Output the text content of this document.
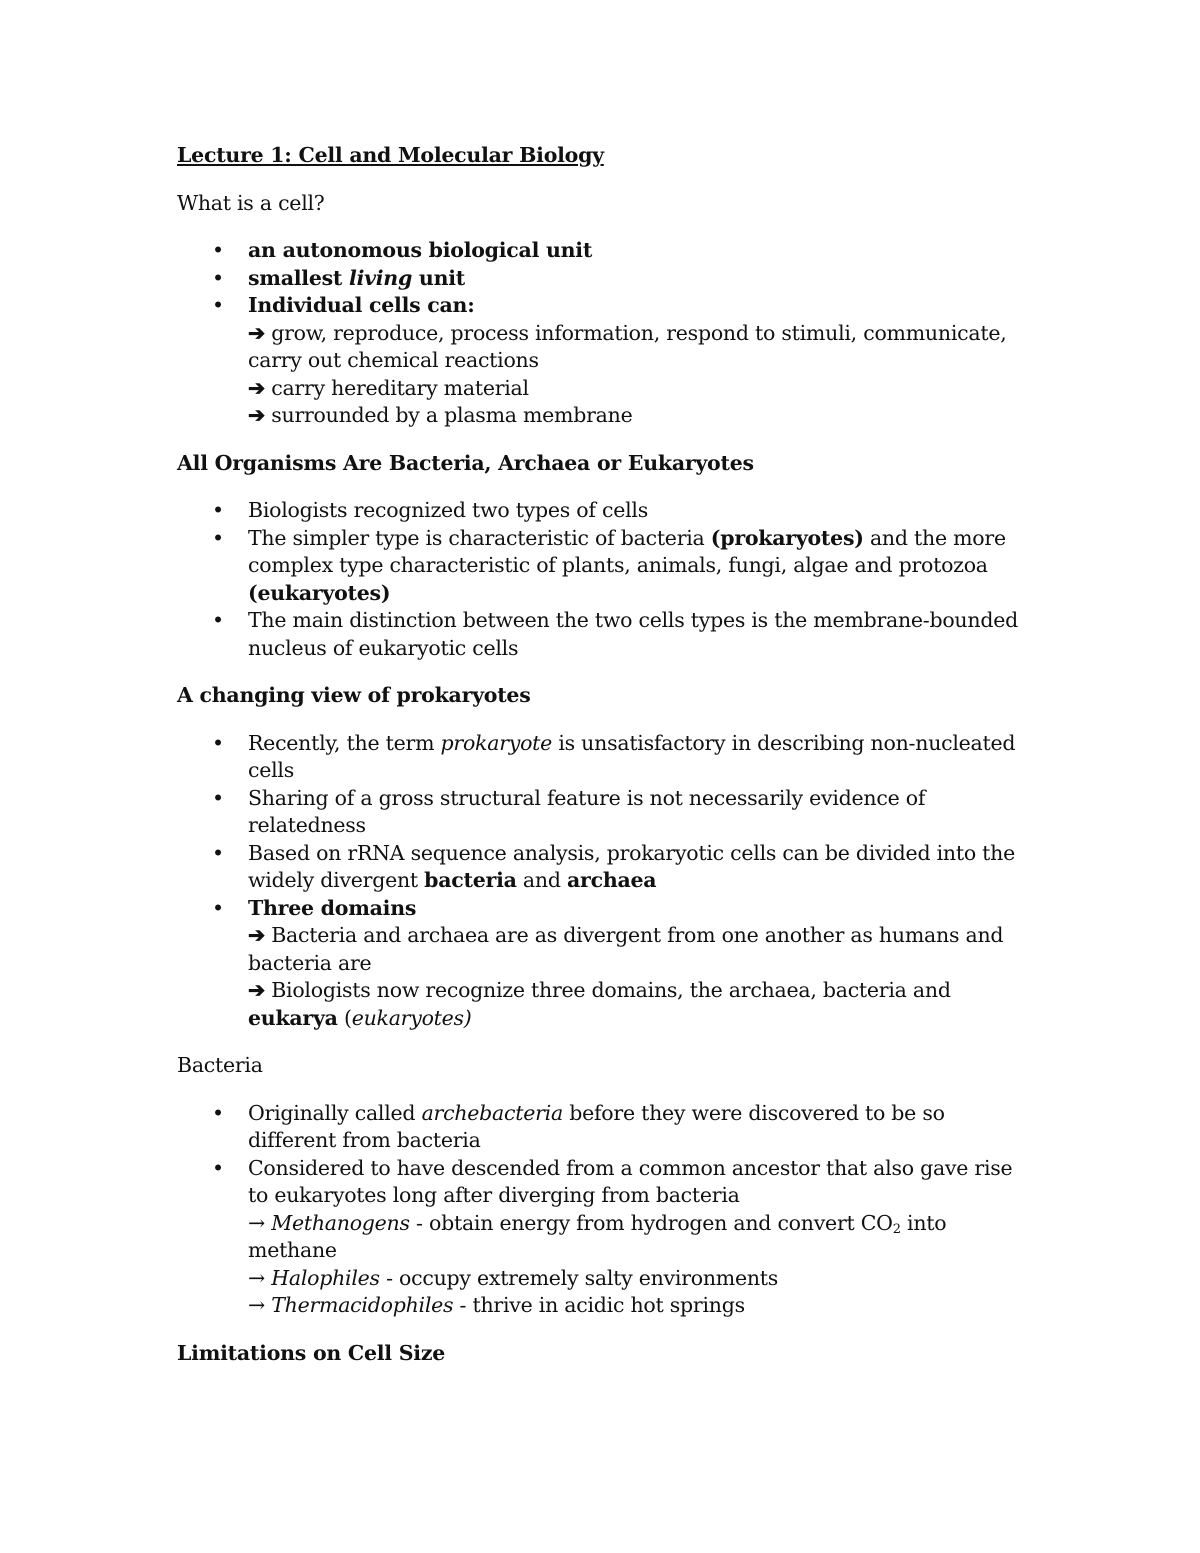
Lecture 1: Cell and Molecular Biology
What is a cell?
• an autonomous biological unit
• smallest living unit
• Individual cells can:
➔ grow, reproduce, process information, respond to stimuli, communicate, carry out chemical reactions
➔ carry hereditary material
➔ surrounded by a plasma membrane
All Organisms Are Bacteria, Archaea or Eukaryotes
• Biologists recognized two types of cells
• The simpler type is characteristic of bacteria (prokaryotes) and the more complex type characteristic of plants, animals, fungi, algae and protozoa (eukaryotes)
• The main distinction between the two cells types is the membrane-bounded nucleus of eukaryotic cells
A changing view of prokaryotes
• Recently, the term prokaryote is unsatisfactory in describing non-nucleated cells
• Sharing of a gross structural feature is not necessarily evidence of relatedness
• Based on rRNA sequence analysis, prokaryotic cells can be divided into the widely divergent bacteria and archaea
• Three domains
➔ Bacteria and archaea are as divergent from one another as humans and bacteria are
➔ Biologists now recognize three domains, the archaea, bacteria and eukarya (eukaryotes)
Bacteria
• Originally called archebacteria before they were discovered to be so different from bacteria
• Considered to have descended from a common ancestor that also gave rise to eukaryotes long after diverging from bacteria
→ Methanogens - obtain energy from hydrogen and convert $CO_2$ into methane
→ Halophiles - occupy extremely salty environments
→ Thermacidophiles - thrive in acidic hot springs
Limitations on Cell Size
